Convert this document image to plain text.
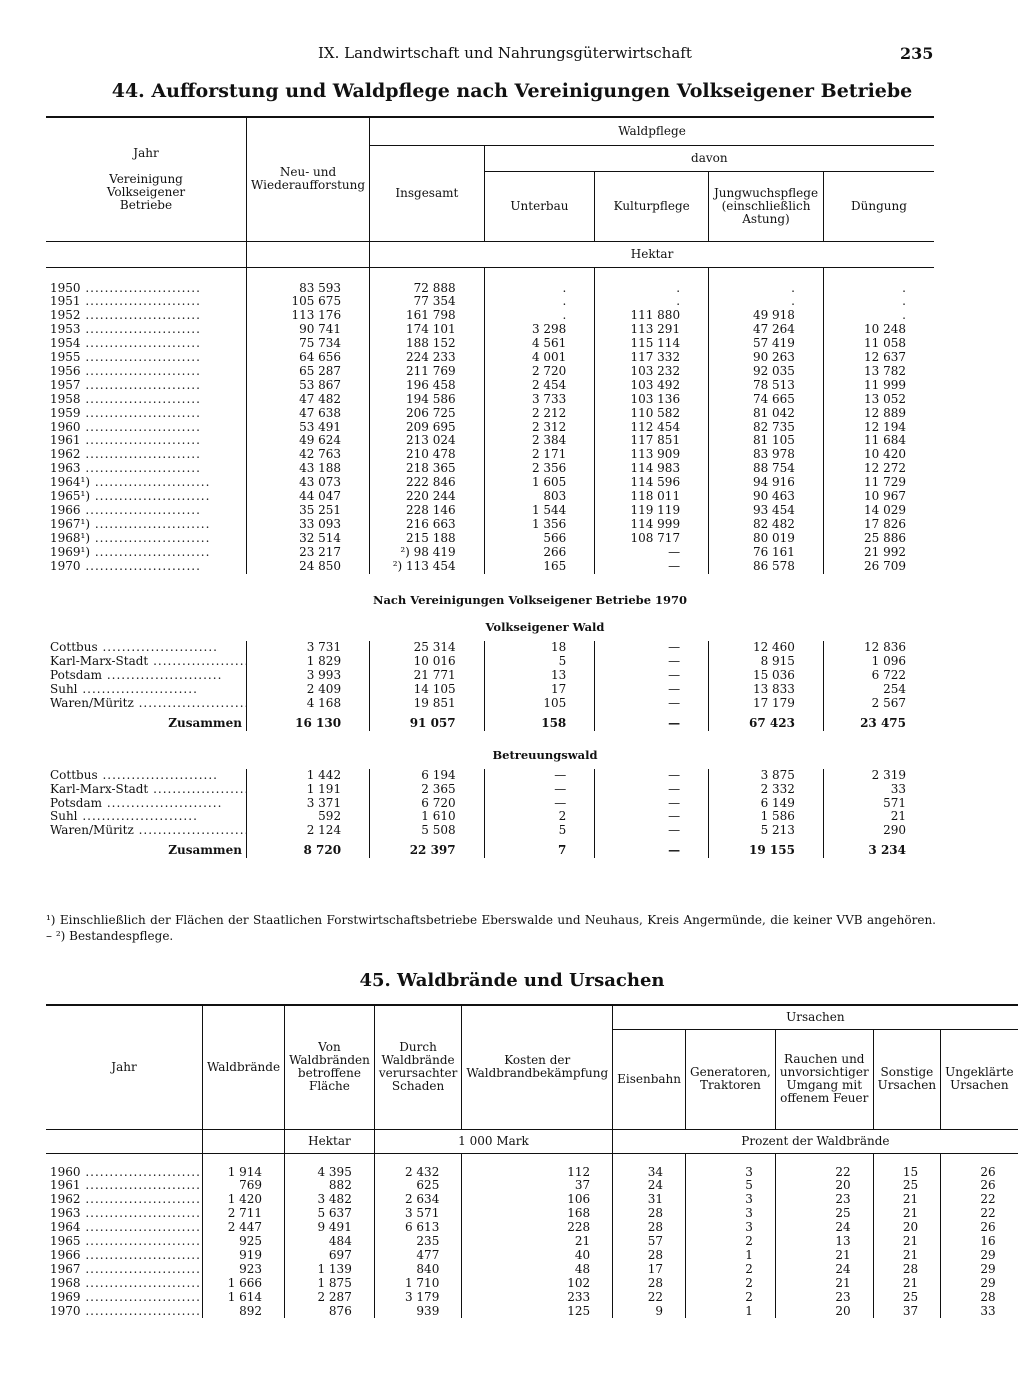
IX. Landwirtschaft und Nahrungsgüterwirtschaft	235
44. Aufforstung und Waldpflege nach Vereinigungen Volkseigener Betriebe
Jahr

Vereinigung Volkseigener Betriebe	Neu- und Wiederaufforstung	Waldpflege				
		Insgesamt	davon			
			Unterbau	Kulturpflege	Jungwuchspflege (einschließlich Astung)	Düngung
		Hektar				
1950 .....	83 593	72 888	.	.	.	.
1951 .....	105 675	77 354	.	.	.	.
1952 .....	113 176	161 798	.	111 880	49 918	.
1953 .....	90 741	174 101	3 298	113 291	47 264	10 248
1954 .....	75 734	188 152	4 561	115 114	57 419	11 058
1955 .....	64 656	224 233	4 001	117 332	90 263	12 637
1956 .....	65 287	211 769	2 720	103 232	92 035	13 782
1957 .....	53 867	196 458	2 454	103 492	78 513	11 999
1958 .....	47 482	194 586	3 733	103 136	74 665	13 052
1959 .....	47 638	206 725	2 212	110 582	81 042	12 889
1960 .....	53 491	209 695	2 312	112 454	82 735	12 194
1961 .....	49 624	213 024	2 384	117 851	81 105	11 684
1962 .....	42 763	210 478	2 171	113 909	83 978	10 420
1963 .....	43 188	218 365	2 356	114 983	88 754	12 272
1964¹) .....	43 073	222 846	1 605	114 596	94 916	11 729
1965¹) .....	44 047	220 244	803	118 011	90 463	10 967
1966 .....	35 251	228 146	1 544	119 119	93 454	14 029
1967¹) .....	33 093	216 663	1 356	114 999	82 482	17 826
1968¹) .....	32 514	215 188	566	108 717	80 019	25 886
1969¹) .....	23 217	²) 98 419	266	—	76 161	21 992
1970 .....	24 850	²) 113 454	165	—	86 578	26 709
Nach Vereinigungen Volkseigener Betriebe 1970						
Volkseigener Wald						
Cottbus .....	3 731	25 314	18	—	12 460	12 836
Karl-Marx-Stadt .....	1 829	10 016	5	—	8 915	1 096
Potsdam .....	3 993	21 771	13	—	15 036	6 722
Suhl .....	2 409	14 105	17	—	13 833	254
Waren/Müritz .....	4 168	19 851	105	—	17 179	2 567
Zusammen	16 130	91 057	158	—	67 423	23 475
Betreuungswald						
Cottbus .....	1 442	6 194	—	—	3 875	2 319
Karl-Marx-Stadt .....	1 191	2 365	—	—	2 332	33
Potsdam .....	3 371	6 720	—	—	6 149	571
Suhl .....	592	1 610	2	—	1 586	21
Waren/Müritz .....	2 124	5 508	5	—	5 213	290
Zusammen	8 720	22 397	7	—	19 155	3 234
¹) Einschließlich der Flächen der Staatlichen Forstwirtschaftsbetriebe Eberswalde und Neuhaus, Kreis Angermünde, die keiner VVB angehören. – ²) Bestandespflege.
45. Waldbrände und Ursachen
Jahr	Waldbrände	Von Waldbränden betroffene Fläche	Durch Waldbrände verursachter Schaden	Kosten der Waldbrandbekämpfung	Ursachen				
					Eisenbahn	Generatoren, Traktoren	Rauchen und unvorsichtiger Umgang mit offenem Feuer	Sonstige Ursachen	Ungeklärte Ursachen
		Hektar	1 000 Mark		Prozent der Waldbrände				
1960 .....	1 914	4 395	2 432	112	34	3	22	15	26
1961 .....	769	882	625	37	24	5	20	25	26
1962 .....	1 420	3 482	2 634	106	31	3	23	21	22
1963 .....	2 711	5 637	3 571	168	28	3	25	21	22
1964 .....	2 447	9 491	6 613	228	28	3	24	20	26
1965 .....	925	484	235	21	57	2	13	21	16
1966 .....	919	697	477	40	28	1	21	21	29
1967 .....	923	1 139	840	48	17	2	24	28	29
1968 .....	1 666	1 875	1 710	102	28	2	21	21	29
1969 .....	1 614	2 287	3 179	233	22	2	23	25	28
1970 .....	892	876	939	125	9	1	20	37	33
